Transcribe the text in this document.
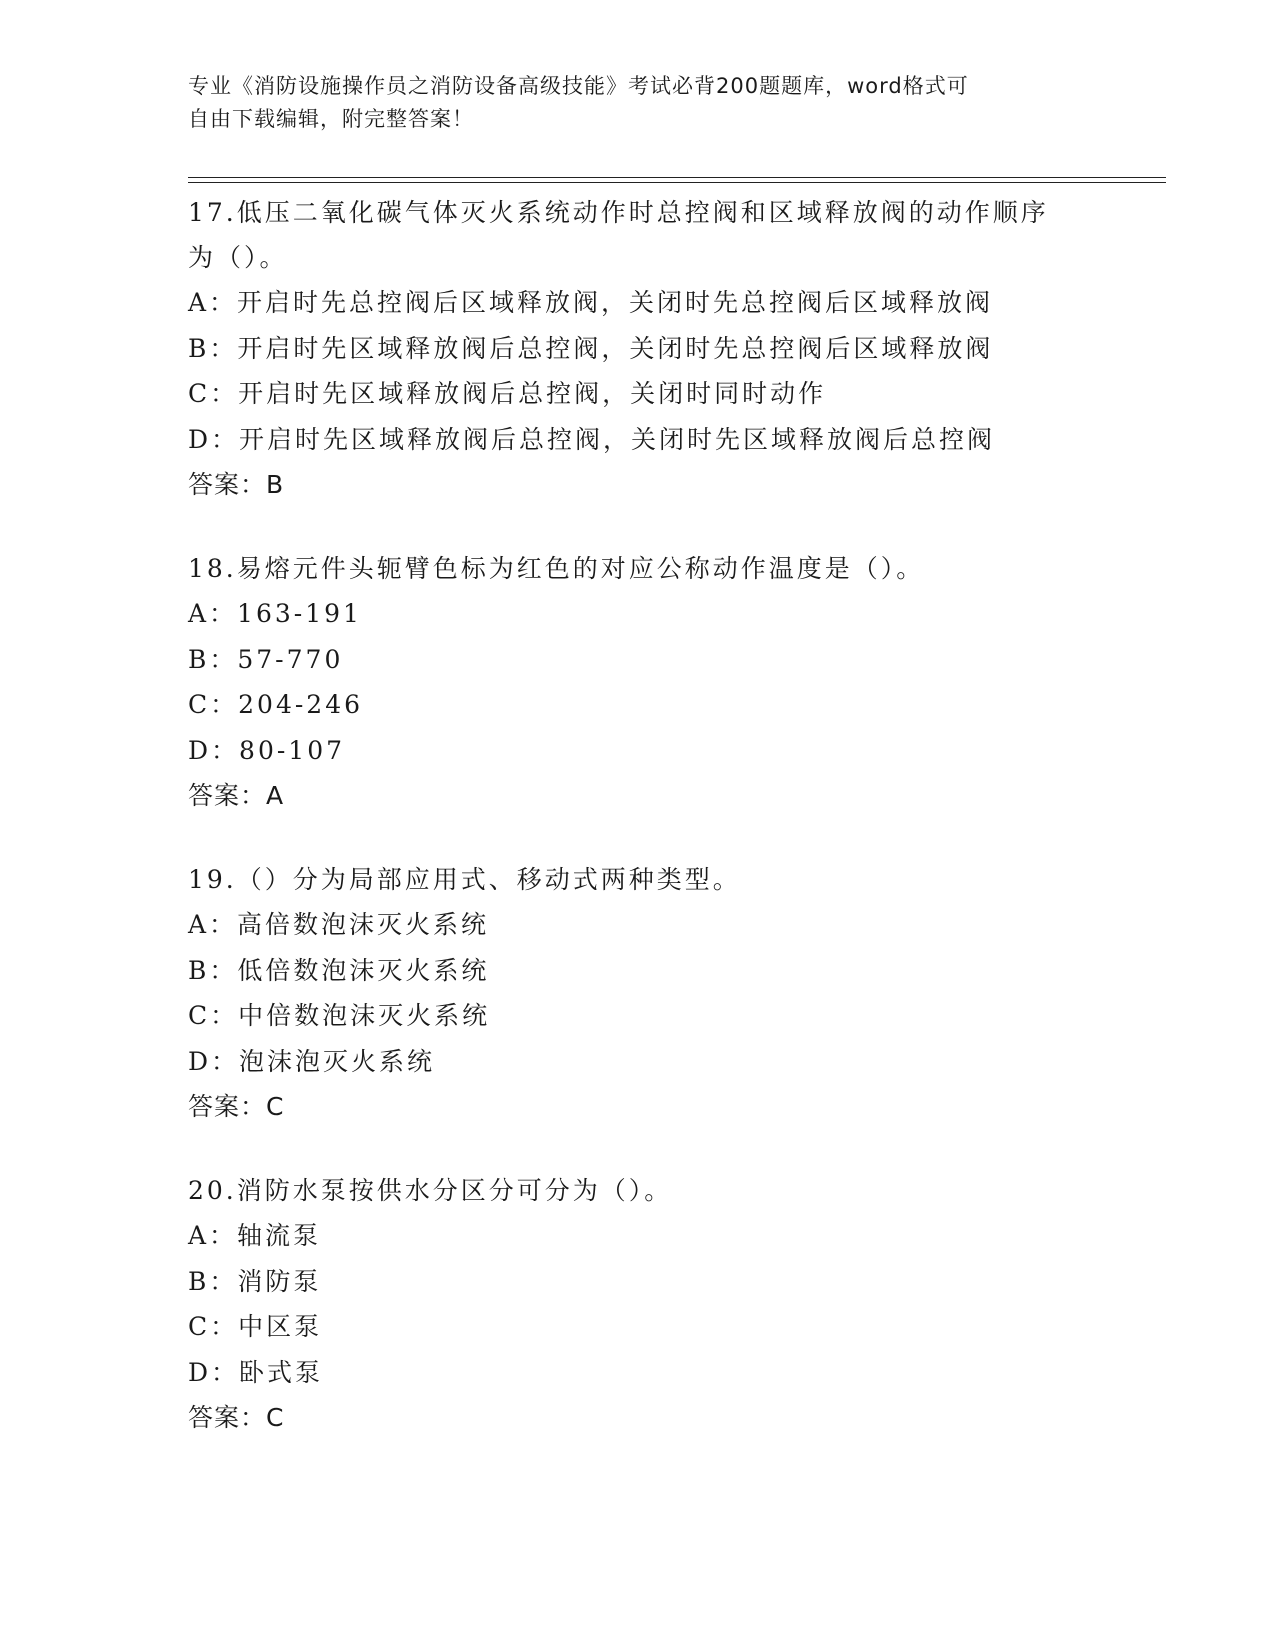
专业《消防设施操作员之消防设备高级技能》考试必背200题题库，word格式可
自由下载编辑，附完整答案！
17.低压二氧化碳气体灭火系统动作时总控阀和区域释放阀的动作顺序
为（）。
A：开启时先总控阀后区域释放阀，关闭时先总控阀后区域释放阀
B：开启时先区域释放阀后总控阀，关闭时先总控阀后区域释放阀
C：开启时先区域释放阀后总控阀，关闭时同时动作
D：开启时先区域释放阀后总控阀，关闭时先区域释放阀后总控阀
答案：B
18.易熔元件头轭臂色标为红色的对应公称动作温度是（）。
A：163-191
B：57-770
C：204-246
D：80-107
答案：A
19.（）分为局部应用式、移动式两种类型。
A：高倍数泡沫灭火系统
B：低倍数泡沫灭火系统
C：中倍数泡沫灭火系统
D：泡沫泡灭火系统
答案：C
20.消防水泵按供水分区分可分为（）。
A：轴流泵
B：消防泵
C：中区泵
D：卧式泵
答案：C
